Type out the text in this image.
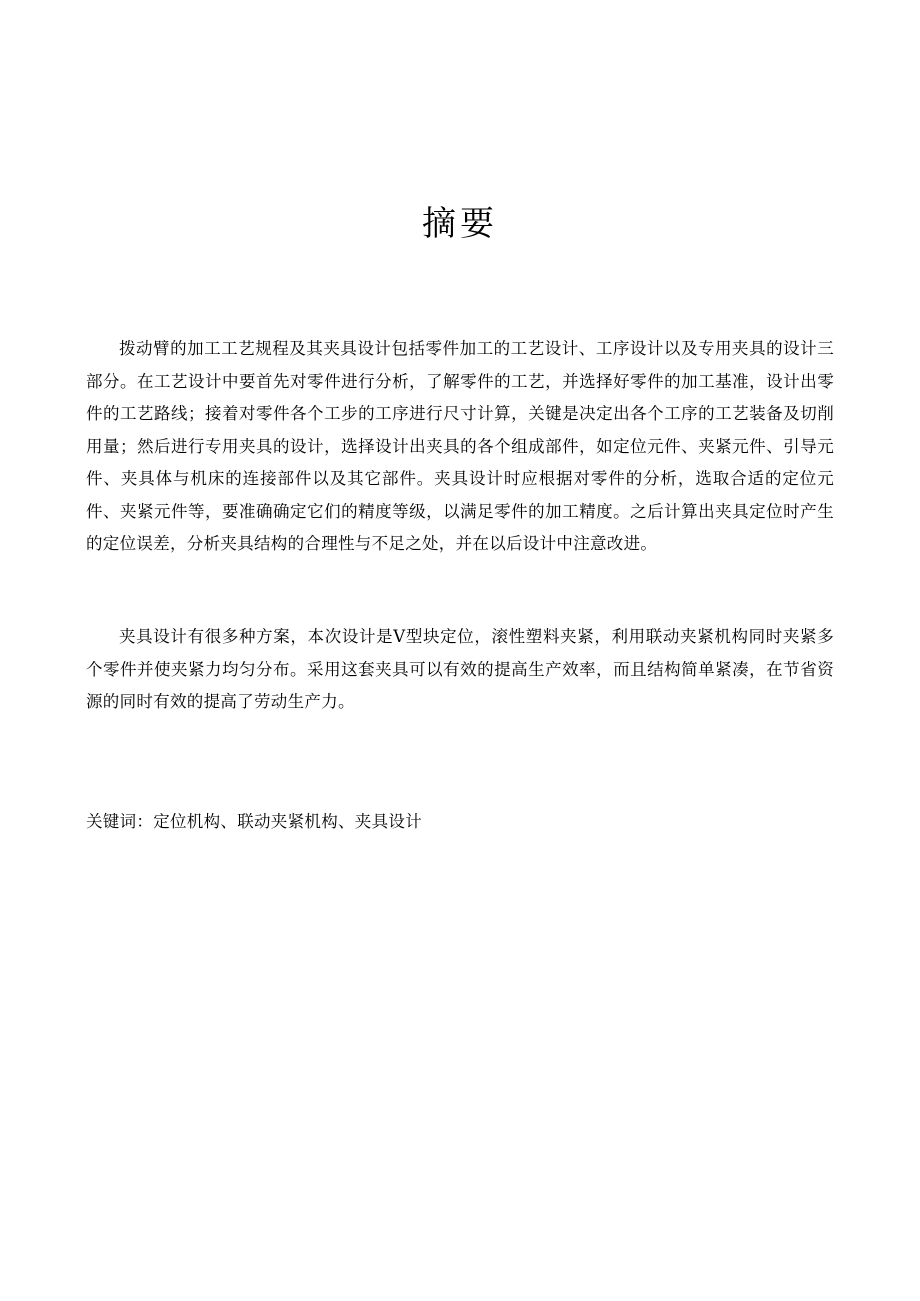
摘要

拨动臂的加工工艺规程及其夹具设计包括零件加工的工艺设计、工序设计以及专用夹具的设计三部分。在工艺设计中要首先对零件进行分析，了解零件的工艺，并选择好零件的加工基准，设计出零件的工艺路线；接着对零件各个工步的工序进行尺寸计算，关键是决定出各个工序的工艺装备及切削用量；然后进行专用夹具的设计，选择设计出夹具的各个组成部件，如定位元件、夹紧元件、引导元件、夹具体与机床的连接部件以及其它部件。夹具设计时应根据对零件的分析，选取合适的定位元件、夹紧元件等，要准确确定它们的精度等级，以满足零件的加工精度。之后计算出夹具定位时产生的定位误差，分析夹具结构的合理性与不足之处，并在以后设计中注意改进。

夹具设计有很多种方案，本次设计是V型块定位，滚性塑料夹紧，利用联动夹紧机构同时夹紧多个零件并使夹紧力均匀分布。采用这套夹具可以有效的提高生产效率，而且结构简单紧凑，在节省资源的同时有效的提高了劳动生产力。

关键词：定位机构、联动夹紧机构、夹具设计
